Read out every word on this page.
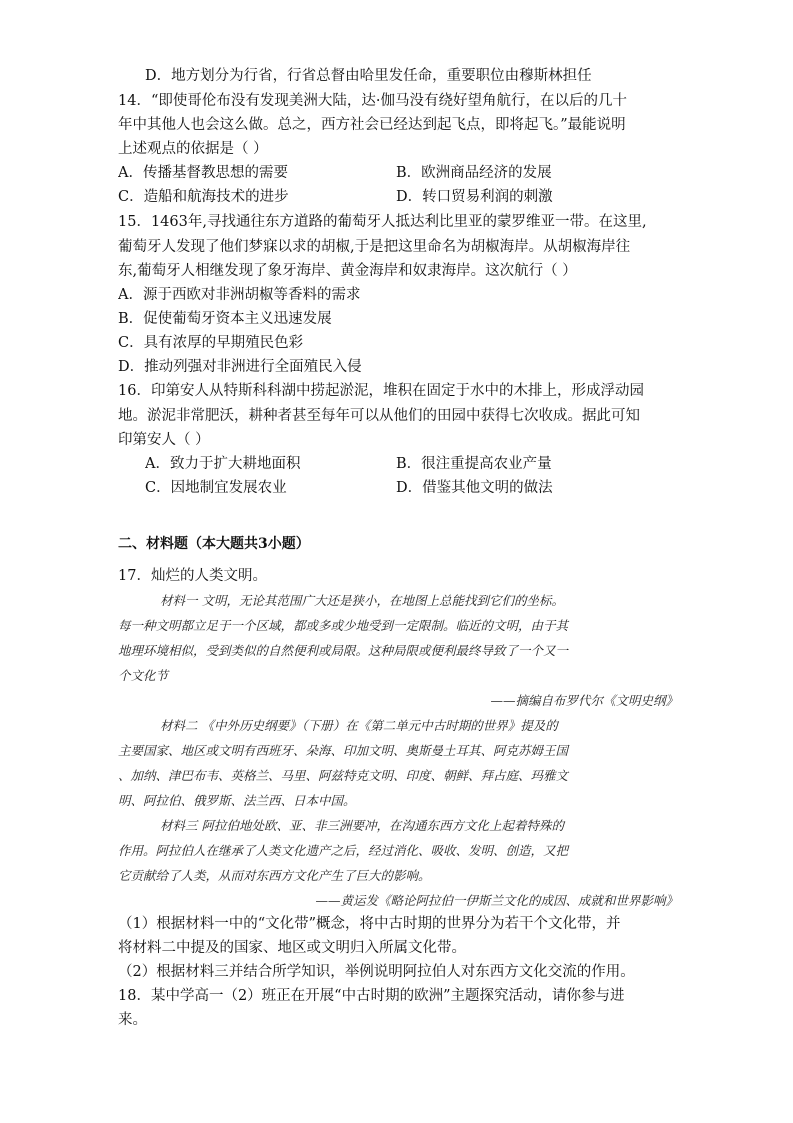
D．地方划分为行省，行省总督由哈里发任命，重要职位由穆斯林担任
14．“即使哥伦布没有发现美洲大陆，达·伽马没有绕好望角航行，在以后的几十
年中其他人也会这么做。总之，西方社会已经达到起飞点，即将起飞。”最能说明
上述观点的依据是（ ）
A．传播基督教思想的需要	B．欧洲商品经济的发展
C．造船和航海技术的进步	D．转口贸易利润的刺激
15．1463年,寻找通往东方道路的葡萄牙人抵达利比里亚的蒙罗维亚一带。在这里,
葡萄牙人发现了他们梦寐以求的胡椒,于是把这里命名为胡椒海岸。从胡椒海岸往
东,葡萄牙人相继发现了象牙海岸、黄金海岸和奴隶海岸。这次航行（ ）
A．源于西欧对非洲胡椒等香料的需求
B．促使葡萄牙资本主义迅速发展
C．具有浓厚的早期殖民色彩
D．推动列强对非洲进行全面殖民入侵
16．印第安人从特斯科科湖中捞起淤泥，堆积在固定于水中的木排上，形成浮动园
地。淤泥非常肥沃，耕种者甚至每年可以从他们的田园中获得七次收成。据此可知
印第安人（ ）
A．致力于扩大耕地面积	B．很注重提高农业产量
C．因地制宜发展农业	D．借鉴其他文明的做法
二、材料题（本大题共3小题）
17．灿烂的人类文明。
材料一 文明，无论其范围广大还是狭小，在地图上总能找到它们的坐标。
每一种文明都立足于一个区域，都或多或少地受到一定限制。临近的文明，由于其
地理环境相似，受到类似的自然便利或局限。这种局限或便利最终导致了一个又一
个文化节
——摘编自布罗代尔《文明史纲》
材料二 《中外历史纲要》（下册）在《第二单元中古时期的世界》提及的
主要国家、地区或文明有西班牙、朵海、印加文明、奥斯曼土耳其、阿克苏姆王国
、加纳、津巴布韦、英格兰、马里、阿兹特克文明、印度、朝鲜、拜占庭、玛雅文
明、阿拉伯、俄罗斯、法兰西、日本中国。
材料三 阿拉伯地处欧、亚、非三洲要冲，在沟通东西方文化上起着特殊的
作用。阿拉伯人在继承了人类文化遗产之后，经过消化、吸收、发明、创造，又把
它贡献给了人类，从而对东西方文化产生了巨大的影响。
——黄运发《略论阿拉伯一伊斯兰文化的成因、成就和世界影响》
（1）根据材料一中的“文化带”概念，将中古时期的世界分为若干个文化带，并
将材料二中提及的国家、地区或文明归入所属文化带。
（2）根据材料三并结合所学知识，举例说明阿拉伯人对东西方文化交流的作用。
18．某中学高一（2）班正在开展“中古时期的欧洲”主题探究活动，请你参与进
来。
